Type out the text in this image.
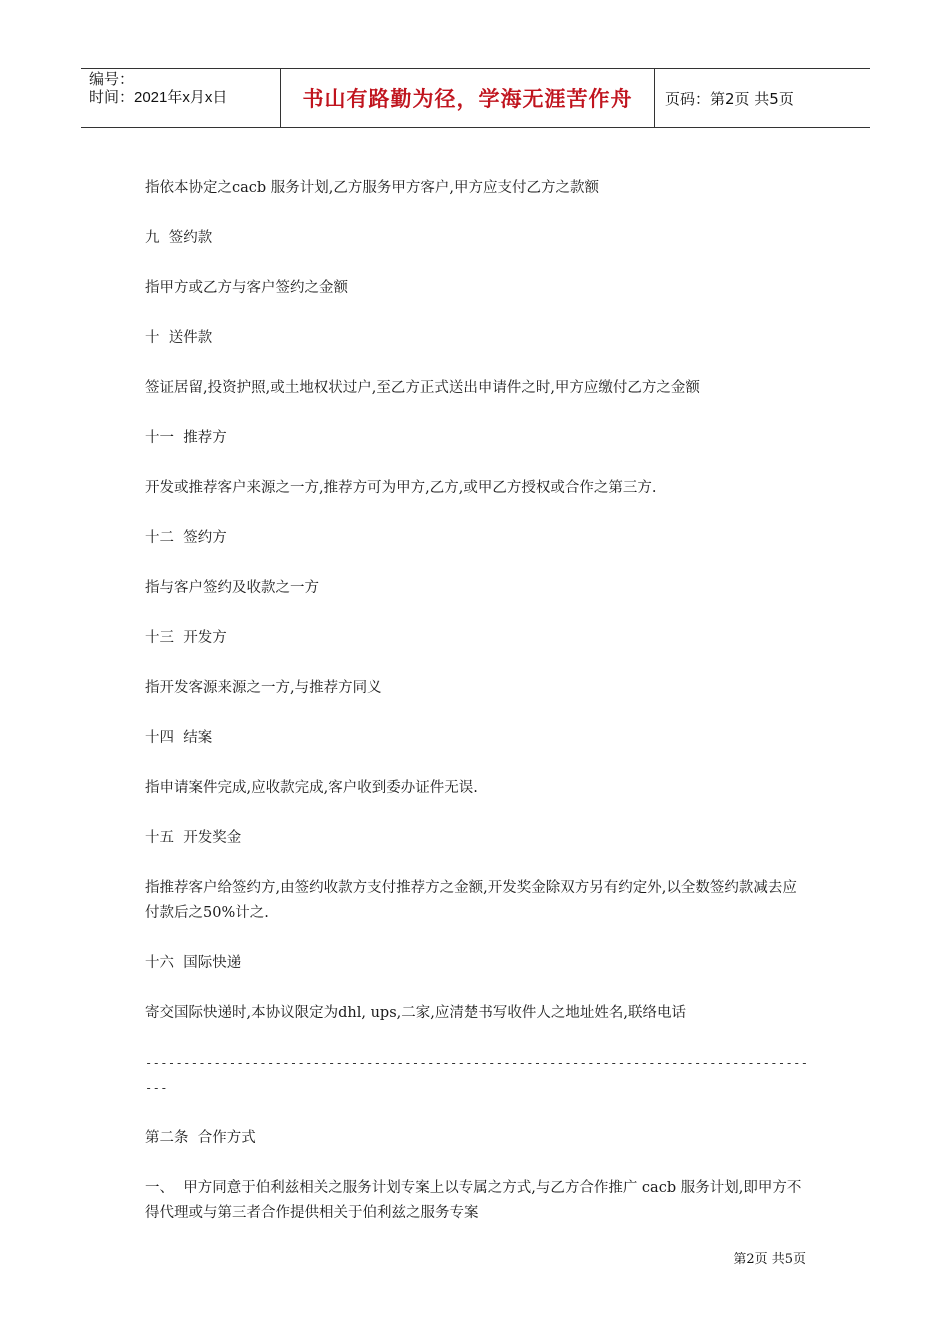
编号：
时间：2021年x月x日	书山有路勤为径，学海无涯苦作舟	页码：第2页 共5页
指依本协定之cacb 服务计划,乙方服务甲方客户,甲方应支付乙方之款额
九  签约款
指甲方或乙方与客户签约之金额
十  送件款
签证居留,投资护照,或土地权状过户,至乙方正式送出申请件之时,甲方应缴付乙方之金额
十一  推荐方
开发或推荐客户来源之一方,推荐方可为甲方,乙方,或甲乙方授权或合作之第三方.
十二  签约方
指与客户签约及收款之一方
十三  开发方
指开发客源来源之一方,与推荐方同义
十四  结案
指申请案件完成,应收款完成,客户收到委办证件无误.
十五  开发奖金
指推荐客户给签约方,由签约收款方支付推荐方之金额,开发奖金除双方另有约定外,以全数签约款减去应付款后之50%计之.
十六  国际快递
寄交国际快递时,本协议限定为dhl, ups,二家,应清楚书写收件人之地址姓名,联络电话
------------------------------------------------------------------------------------------
第二条  合作方式
一、  甲方同意于伯利兹相关之服务计划专案上以专属之方式,与乙方合作推广 cacb 服务计划,即甲方不得代理或与第三者合作提供相关于伯利兹之服务专案
第2页 共5页
